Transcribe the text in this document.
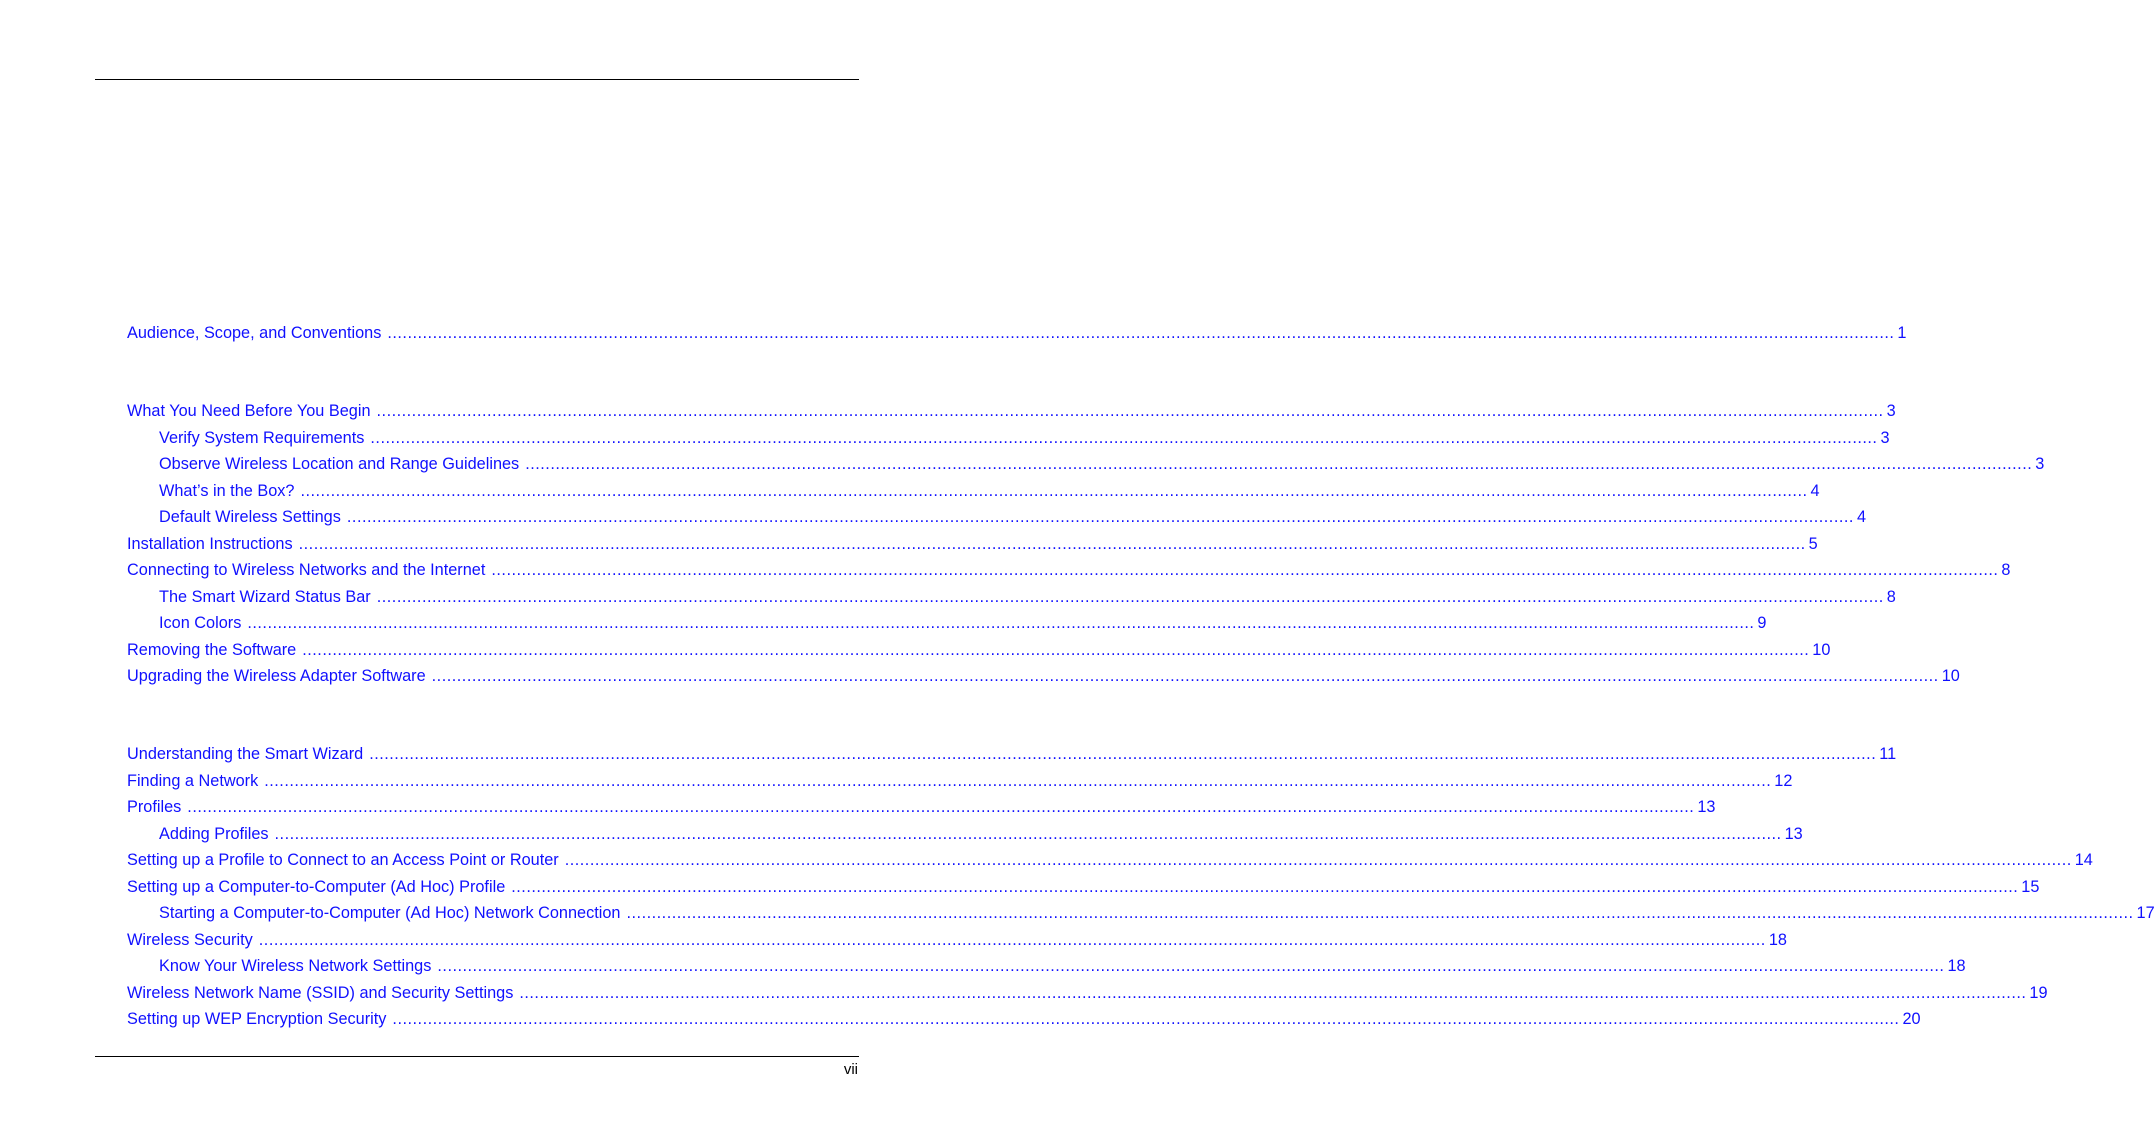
Audience, Scope, and Conventions ............................................................................................................................................................................................................................................................................................................ 1
What You Need Before You Begin ............................................................................................................................................................................................................................................................................................................ 3
Verify System Requirements ............................................................................................................................................................................................................................................................................................................ 3
Observe Wireless Location and Range Guidelines ............................................................................................................................................................................................................................................................................................................ 3
What’s in the Box? ............................................................................................................................................................................................................................................................................................................ 4
Default Wireless Settings ............................................................................................................................................................................................................................................................................................................ 4
Installation Instructions ............................................................................................................................................................................................................................................................................................................ 5
Connecting to Wireless Networks and the Internet ............................................................................................................................................................................................................................................................................................................ 8
The Smart Wizard Status Bar ............................................................................................................................................................................................................................................................................................................ 8
Icon Colors ............................................................................................................................................................................................................................................................................................................ 9
Removing the Software ............................................................................................................................................................................................................................................................................................................ 10
Upgrading the Wireless Adapter Software ............................................................................................................................................................................................................................................................................................................ 10
Understanding the Smart Wizard ............................................................................................................................................................................................................................................................................................................ 11
Finding a Network ............................................................................................................................................................................................................................................................................................................ 12
Profiles ............................................................................................................................................................................................................................................................................................................ 13
Adding Profiles ............................................................................................................................................................................................................................................................................................................ 13
Setting up a Profile to Connect to an Access Point or Router ............................................................................................................................................................................................................................................................................................................ 14
Setting up a Computer-to-Computer (Ad Hoc) Profile ............................................................................................................................................................................................................................................................................................................ 15
Starting a Computer-to-Computer (Ad Hoc) Network Connection ............................................................................................................................................................................................................................................................................................................ 17
Wireless Security ............................................................................................................................................................................................................................................................................................................ 18
Know Your Wireless Network Settings ............................................................................................................................................................................................................................................................................................................ 18
Wireless Network Name (SSID) and Security Settings ............................................................................................................................................................................................................................................................................................................ 19
Setting up WEP Encryption Security ............................................................................................................................................................................................................................................................................................................ 20
vii
